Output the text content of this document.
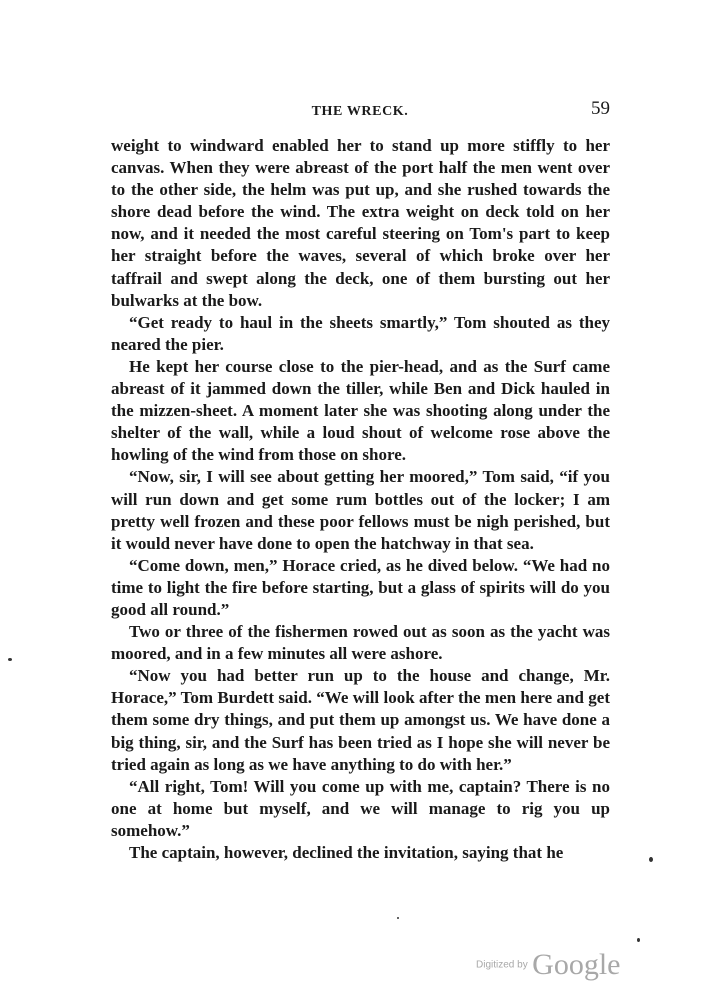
THE WRECK.	59

weight to windward enabled her to stand up more stiffly to her canvas. When they were abreast of the port half the men went over to the other side, the helm was put up, and she rushed towards the shore dead before the wind. The extra weight on deck told on her now, and it needed the most careful steering on Tom's part to keep her straight before the waves, several of which broke over her taffrail and swept along the deck, one of them bursting out her bulwarks at the bow.

“Get ready to haul in the sheets smartly,” Tom shouted as they neared the pier.

He kept her course close to the pier-head, and as the Surf came abreast of it jammed down the tiller, while Ben and Dick hauled in the mizzen-sheet. A moment later she was shooting along under the shelter of the wall, while a loud shout of welcome rose above the howling of the wind from those on shore.

“Now, sir, I will see about getting her moored,” Tom said, “if you will run down and get some rum bottles out of the locker; I am pretty well frozen and these poor fellows must be nigh perished, but it would never have done to open the hatchway in that sea.

“Come down, men,” Horace cried, as he dived below. “We had no time to light the fire before starting, but a glass of spirits will do you good all round.”

Two or three of the fishermen rowed out as soon as the yacht was moored, and in a few minutes all were ashore.

“Now you had better run up to the house and change, Mr. Horace,” Tom Burdett said. “We will look after the men here and get them some dry things, and put them up amongst us. We have done a big thing, sir, and the Surf has been tried as I hope she will never be tried again as long as we have anything to do with her.”

“All right, Tom! Will you come up with me, captain? There is no one at home but myself, and we will manage to rig you up somehow.”

The captain, however, declined the invitation, saying that he

Digitized by Google
